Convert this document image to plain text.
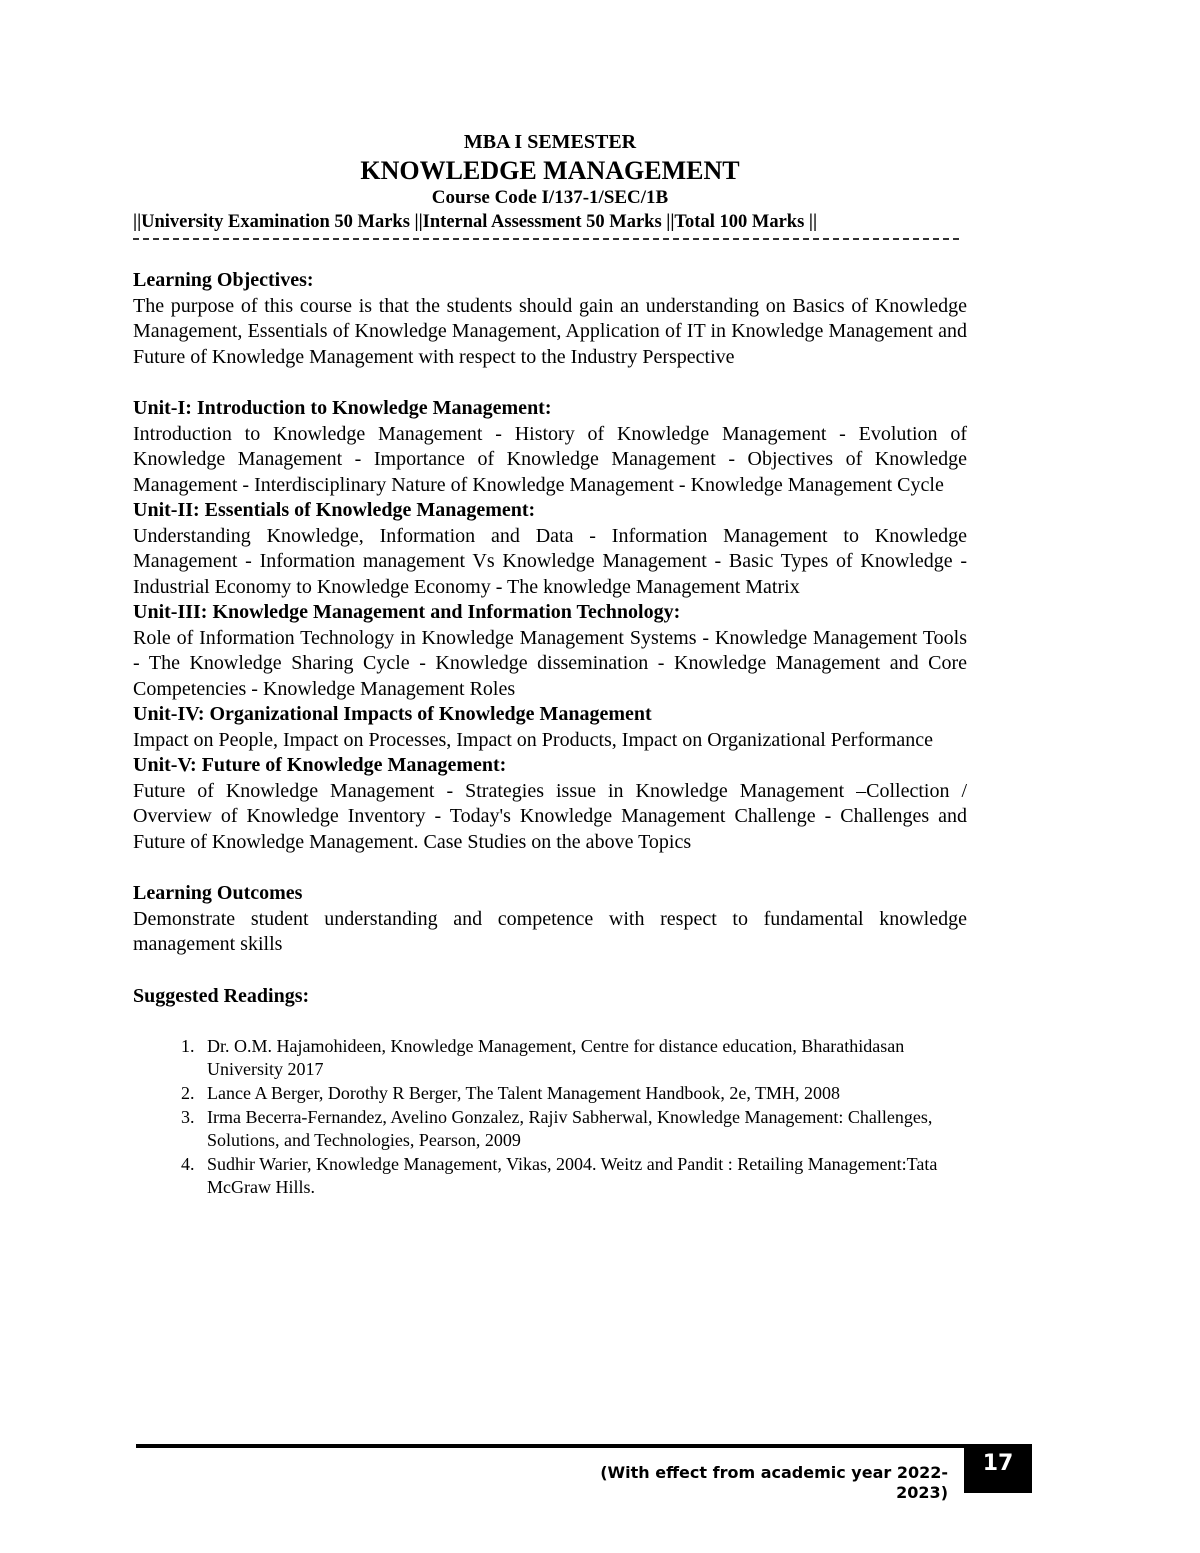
MBA I SEMESTER
KNOWLEDGE MANAGEMENT
Course Code I/137-1/SEC/1B
||University Examination 50 Marks ||Internal Assessment 50 Marks ||Total 100 Marks ||
Learning Objectives:
The purpose of this course is that the students should gain an understanding on Basics of Knowledge Management, Essentials of Knowledge Management, Application of IT in Knowledge Management and Future of Knowledge Management with respect to the Industry Perspective
Unit-I: Introduction to Knowledge Management:
Introduction to Knowledge Management - History of Knowledge Management - Evolution of Knowledge Management - Importance of Knowledge Management - Objectives of Knowledge Management - Interdisciplinary Nature of Knowledge Management - Knowledge Management Cycle
Unit-II: Essentials of Knowledge Management:
Understanding Knowledge, Information and Data - Information Management to Knowledge Management - Information management Vs Knowledge Management - Basic Types of Knowledge - Industrial Economy to Knowledge Economy - The knowledge Management Matrix
Unit-III: Knowledge Management and Information Technology:
Role of Information Technology in Knowledge Management Systems - Knowledge Management Tools - The Knowledge Sharing Cycle - Knowledge dissemination - Knowledge Management and Core Competencies - Knowledge Management Roles
Unit-IV: Organizational Impacts of Knowledge Management
Impact on People, Impact on Processes, Impact on Products, Impact on Organizational Performance
Unit-V: Future of Knowledge Management:
Future of Knowledge Management - Strategies issue in Knowledge Management –Collection / Overview of Knowledge Inventory - Today's Knowledge Management Challenge - Challenges and Future of Knowledge Management. Case Studies on the above Topics
Learning Outcomes
Demonstrate student understanding and competence with respect to fundamental knowledge management skills
Suggested Readings:
1. Dr. O.M. Hajamohideen, Knowledge Management, Centre for distance education, Bharathidasan University 2017
2. Lance A Berger, Dorothy R Berger, The Talent Management Handbook, 2e, TMH, 2008
3. Irma Becerra-Fernandez, Avelino Gonzalez, Rajiv Sabherwal, Knowledge Management: Challenges, Solutions, and Technologies, Pearson, 2009
4. Sudhir Warier, Knowledge Management, Vikas, 2004. Weitz and Pandit : Retailing Management:Tata McGraw Hills.
(With effect from academic year 2022-2023)
17
